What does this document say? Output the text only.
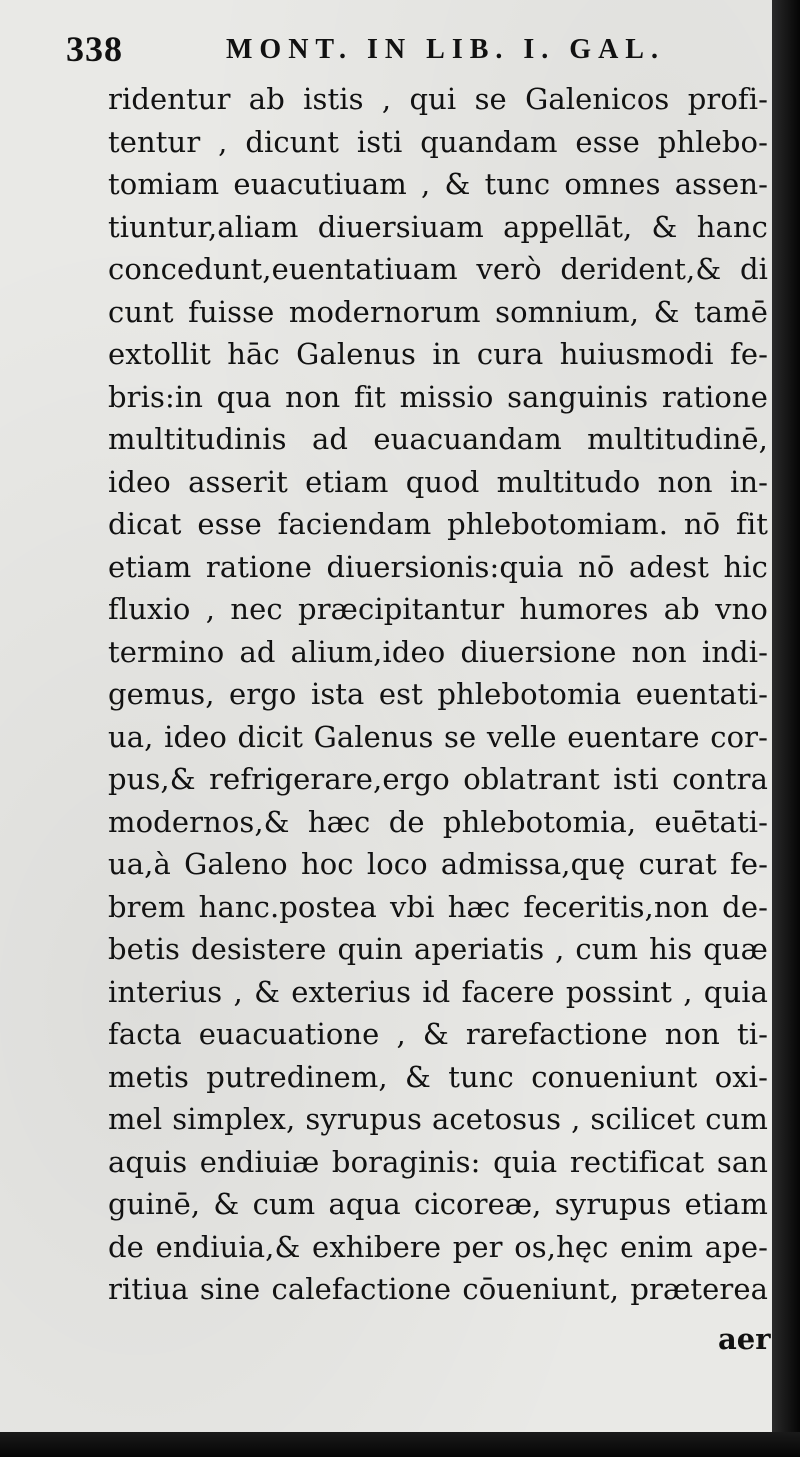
338	MONT. IN LIB. I. GAL.
ridentur ab istis , qui se Galenicos profi-
tentur , dicunt isti quandam esse phlebo-
tomiam euacutiuam , & tunc omnes assen-
tiuntur,aliam diuersiuam appellāt, & hanc
concedunt,euentatiuam verò derident,& di
cunt fuisse modernorum somnium, & tamē
extollit hāc Galenus in cura huiusmodi fe-
bris:in qua non fit missio sanguinis ratione
multitudinis ad euacuandam multitudinē,
ideo asserit etiam quod multitudo non in-
dicat esse faciendam phlebotomiam. nō fit
etiam ratione diuersionis:quia nō adest hic
fluxio , nec præcipitantur humores ab vno
termino ad alium,ideo diuersione non indi-
gemus, ergo ista est phlebotomia euentati-
ua, ideo dicit Galenus se velle euentare cor-
pus,& refrigerare,ergo oblatrant isti contra
modernos,& hæc de phlebotomia, euētati-
ua,à Galeno hoc loco admissa,quę curat fe-
brem hanc.postea vbi hæc feceritis,non de-
betis desistere quin aperiatis , cum his quæ
interius , & exterius id facere possint , quia
facta euacuatione , & rarefactione non ti-
metis putredinem, & tunc conueniunt oxi-
mel simplex, syrupus acetosus , scilicet cum
aquis endiuiæ boraginis: quia rectificat san
guinē, & cum aqua cicoreæ, syrupus etiam
de endiuia,& exhibere per os,hęc enim ape-
ritiua sine calefactione cōueniunt, præterea
aer
